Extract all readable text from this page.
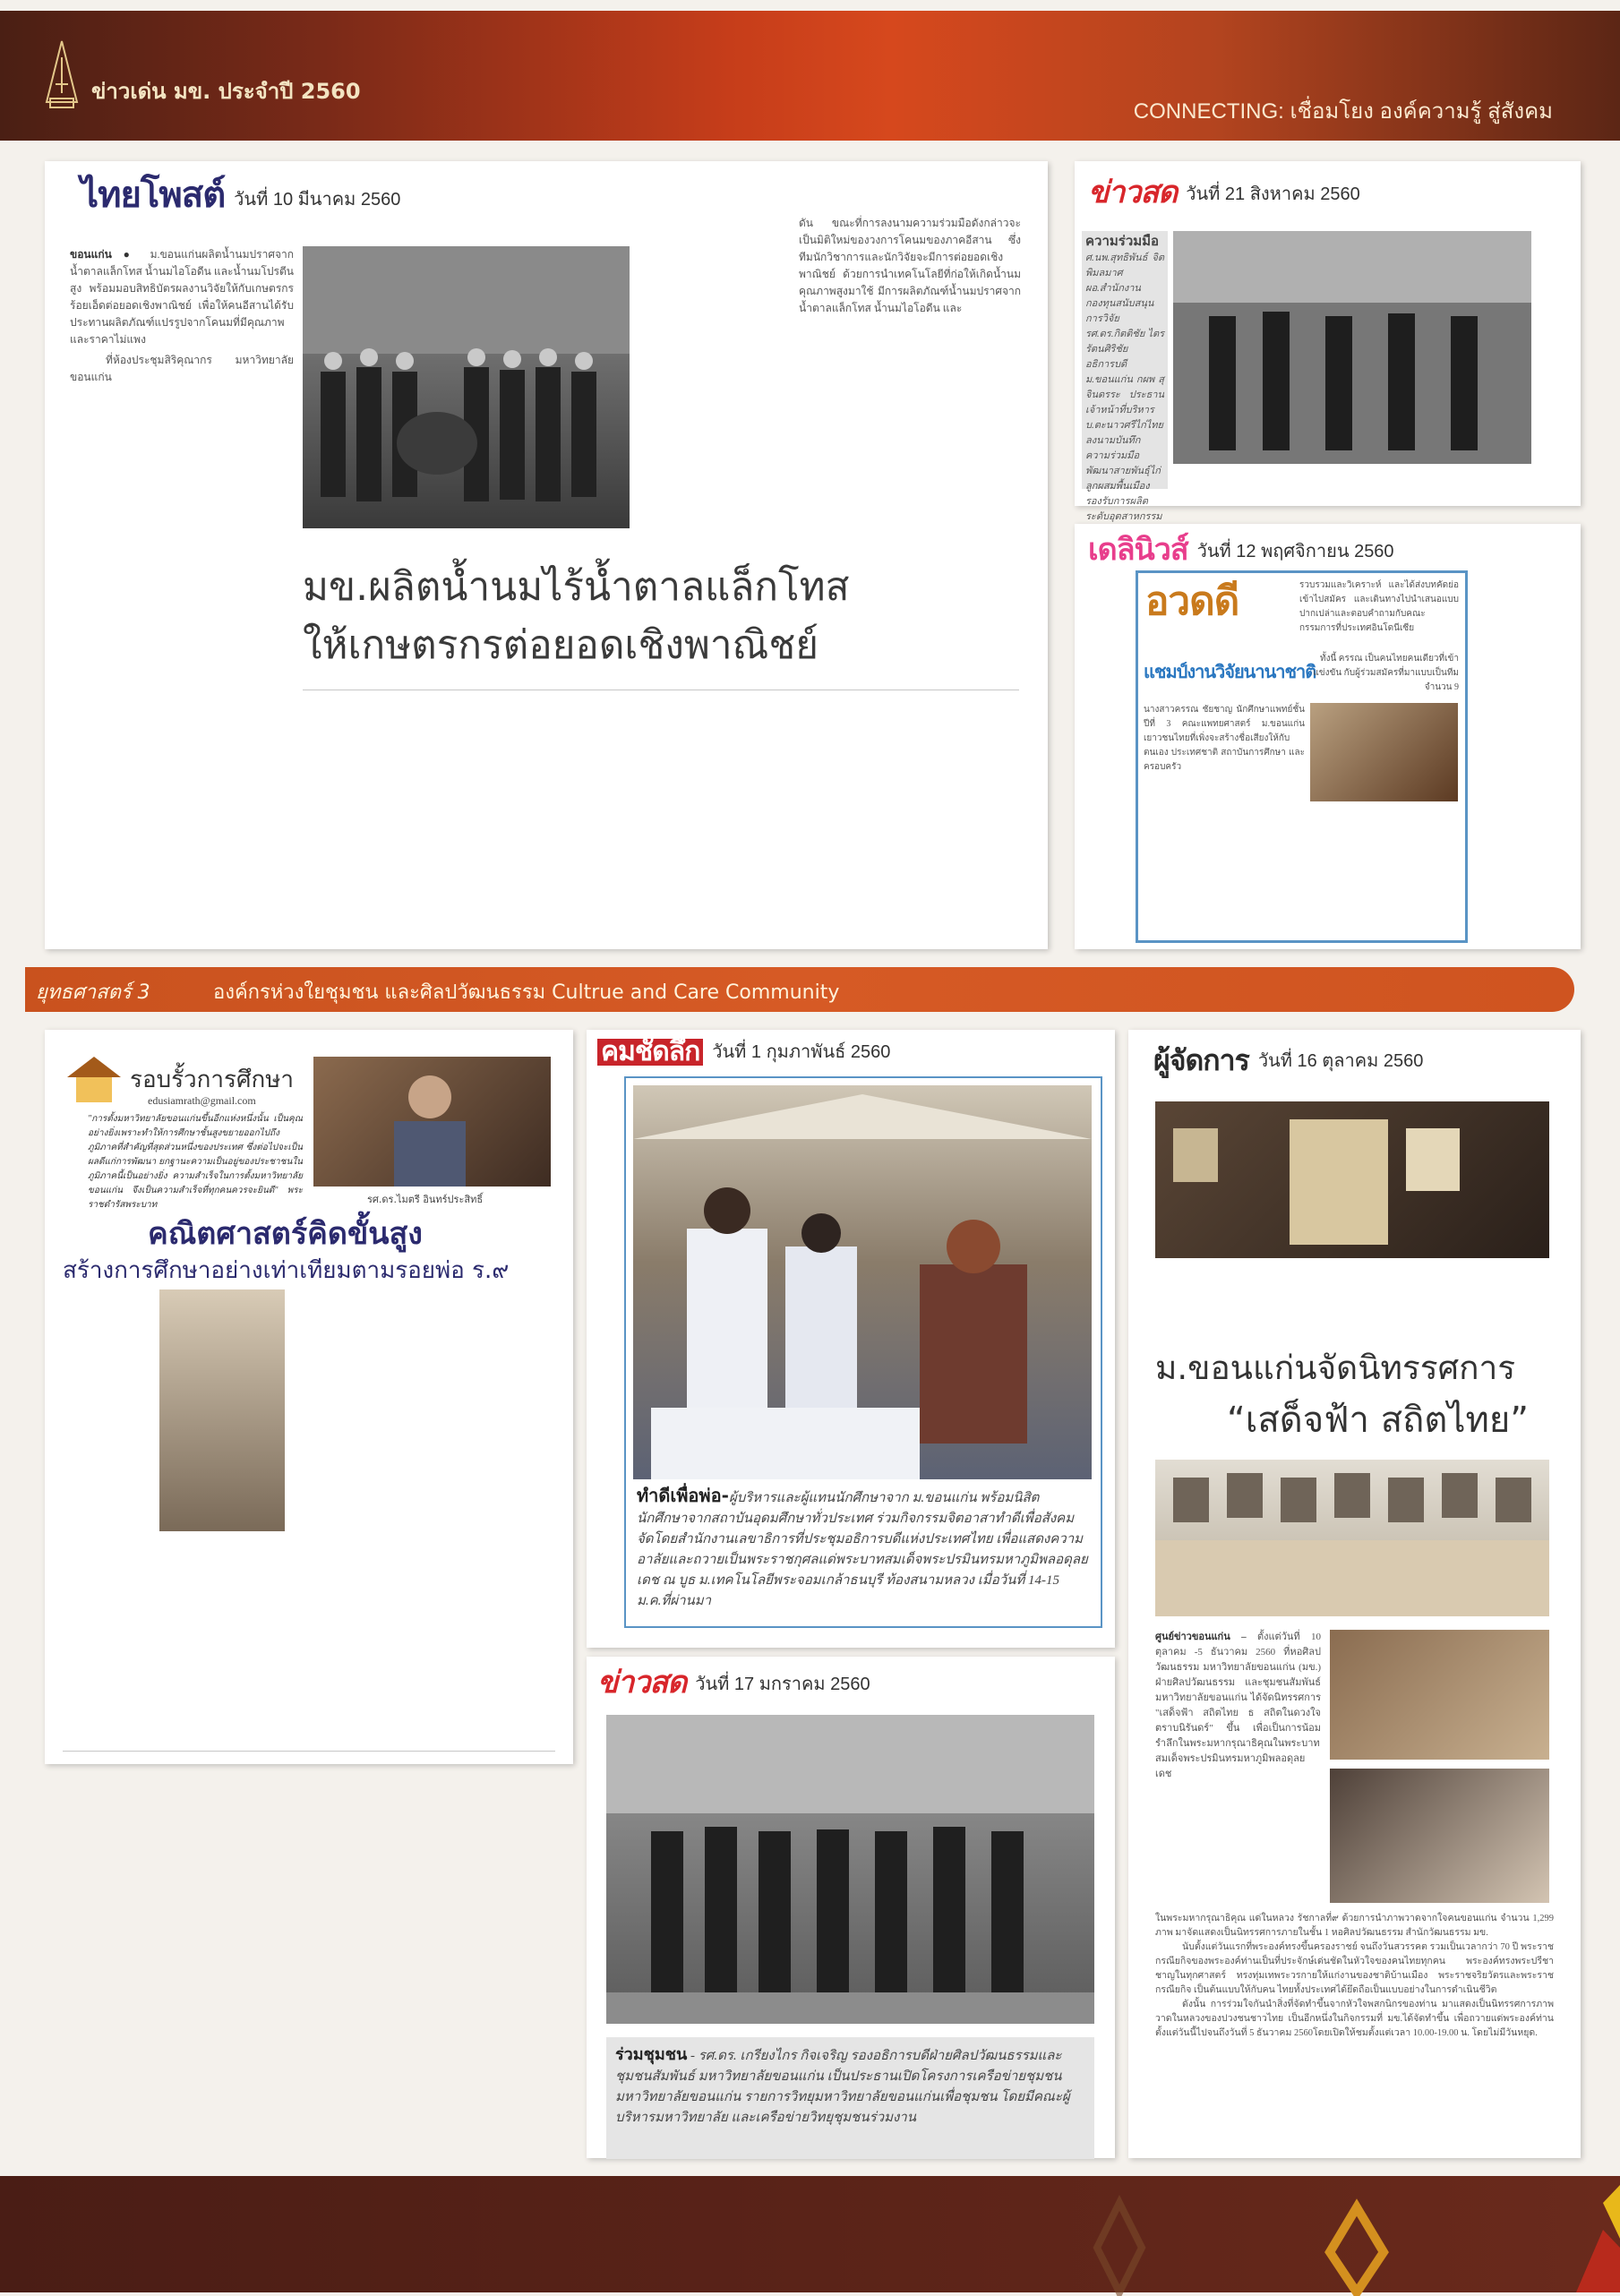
ข่าวเด่น มข. ประจำปี 2560
CONNECTING: เชื่อมโยง องค์ความรู้ สู่สังคม
ไทยโพสต์ วันที่ 10 มีนาคม 2560
ขอนแก่น ● ม.ขอนแก่นผลิตน้ำนมปราศจากน้ำตาลแล็กโทส น้ำนมไอโอดีน และน้ำนมโปรตีนสูง พร้อมมอบสิทธิบัตรผลงานวิจัยให้กับเกษตรกรร้อยเอ็ดต่อยอดเชิงพาณิชย์ เพื่อให้คนอีสานได้รับประทานผลิตภัณฑ์แปรรูปจากโคนมที่มีคุณภาพและราคาไม่แพง
ที่ห้องประชุมสิริคุณากร มหาวิทยาลัยขอนแก่น
มข.ผลิตน้ำนมไร้น้ำตาลแล็กโทส
ให้เกษตรกรต่อยอดเชิงพาณิชย์
ดัน ขณะที่การลงนามความร่วมมือดังกล่าวจะเป็นมิติใหม่ของวงการโคนมของภาคอีสาน ซึ่งทีมนักวิชาการและนักวิจัยจะมีการต่อยอดเชิงพาณิชย์ ด้วยการนำเทคโนโลยีที่ก่อให้เกิดน้ำนมคุณภาพสูงมาใช้ มีการผลิตภัณฑ์น้ำนมปราศจากน้ำตาลแล็กโทส น้ำนมไอโอดีน และ
ข่าวสด วันที่ 21 สิงหาคม 2560
ความร่วมมือ ศ.นพ.สุทธิพันธ์ จิตพิมลมาศ ผอ.สำนักงานกองทุนสนับสนุนการวิจัย รศ.ดร.กิตติชัย ไตรรัตนศิริชัย อธิการบดี ม.ขอนแก่น กผพ สุจินดรระ ประธานเจ้าหน้าที่บริหาร บ.ตะนาวศรีไก่ไทย ลงนามบันทึกความร่วมมือพัฒนาสายพันธุ์ไก่ลูกผสมพื้นเมืองรองรับการผลิตระดับอุตสาหกรรม
เดลินิวส์ วันที่ 12 พฤศจิกายน 2560
อวดดี	รวบรวมและวิเคราะห์ และได้ส่งบทคัดย่อเข้าไปสมัคร และเดินทางไปนำเสนอแบบปากเปล่าและตอบคำถามกับคณะกรรมการที่ประเทศอินโดนีเซีย
แชมป์งานวิจัยนานาชาติ
ทั้งนี้ ครรณ เป็นคนไทยคนเดียวที่เข้าแข่งขัน กับผู้ร่วมสมัครที่มาแบบเป็นทีมจำนวน 9
นางสาวครรณ ชัยชาญ นักศึกษาแพทย์ชั้นปีที่ 3 คณะแพทยศาสตร์ ม.ขอนแก่น เยาวชนไทยที่เพิ่งจะสร้างชื่อเสียงให้กับตนเอง ประเทศชาติ สถาบันการศึกษา และครอบครัว
ยุทธศาสตร์ 3	องค์กรห่วงใยชุมชน และศิลปวัฒนธรรม Cultrue and Care Community
รอบรั้วการศึกษา
edusiamrath@gmail.com
"การตั้งมหาวิทยาลัยขอนแก่นขึ้นอีกแห่งหนึ่งนั้น เป็นคุณอย่างยิ่งเพราะทำให้การศึกษาชั้นสูงขยายออกไปถึงภูมิภาคที่สำคัญที่สุดส่วนหนึ่งของประเทศ ซึ่งต่อไปจะเป็นผลดีแก่การพัฒนา ยกฐานะความเป็นอยู่ของประชาชนในภูมิภาคนี้เป็นอย่างยิ่ง ความสำเร็จในการตั้งมหาวิทยาลัยขอนแก่น จึงเป็นความสำเร็จที่ทุกคนควรจะยินดี" พระราชดำรัสพระบาท	รศ.ดร.ไมตรี อินทร์ประสิทธิ์
คณิตศาสตร์คิดขั้นสูง
สร้างการศึกษาอย่างเท่าเทียมตามรอยพ่อ ร.๙
คมชัดลึก วันที่ 1 กุมภาพันธ์ 2560
ทำดีเพื่อพ่อ-ผู้บริหารและผู้แทนนักศึกษาจาก ม.ขอนแก่น พร้อมนิสิตนักศึกษาจากสถาบันอุดมศึกษาทั่วประเทศ ร่วมกิจกรรมจิตอาสาทำดีเพื่อสังคม จัดโดยสำนักงานเลขาธิการที่ประชุมอธิการบดีแห่งประเทศไทย เพื่อแสดงความอาลัยและถวายเป็นพระราชกุศลแด่พระบาทสมเด็จพระปรมินทรมหาภูมิพลอดุลยเดช ณ บูธ ม.เทคโนโลยีพระจอมเกล้าธนบุรี ท้องสนามหลวง เมื่อวันที่ 14-15 ม.ค.ที่ผ่านมา
ข่าวสด วันที่ 17 มกราคม 2560
ร่วมชุมชน - รศ.ดร. เกรียงไกร กิจเจริญ รองอธิการบดีฝ่ายศิลปวัฒนธรรมและชุมชนสัมพันธ์ มหาวิทยาลัยขอนแก่น เป็นประธานเปิดโครงการเครือข่ายชุมชนมหาวิทยาลัยขอนแก่น รายการวิทยุมหาวิทยาลัยขอนแก่นเพื่อชุมชน โดยมีคณะผู้บริหารมหาวิทยาลัย และเครือข่ายวิทยุชุมชนร่วมงาน
ผู้จัดการ วันที่ 16 ตุลาคม 2560
ม.ขอนแก่นจัดนิทรรศการ
“เสด็จฟ้า สถิตไทย”
ศูนย์ข่าวขอนแก่น – ตั้งแต่วันที่ 10 ตุลาคม -5 ธันวาคม 2560 ที่หอศิลปวัฒนธรรม มหาวิทยาลัยขอนแก่น (มข.) ฝ่ายศิลปวัฒนธรรม และชุมชนสัมพันธ์ มหาวิทยาลัยขอนแก่น ได้จัดนิทรรศการ "เสด็จฟ้า สถิตไทย ธ สถิตในดวงใจตราบนิรันดร์" ขึ้น เพื่อเป็นการน้อมรำลึกในพระมหากรุณาธิคุณในพระบาทสมเด็จพระปรมินทรมหาภูมิพลอดุลยเดช
ในพระมหากรุณาธิคุณ แด่ในหลวง รัชกาลที่๙ ด้วยการนำภาพวาดจากใจคนขอนแก่น จำนวน 1,299 ภาพ มาจัดแสดงเป็นนิทรรศการภายในชั้น 1 หอศิลปวัฒนธรรม สำนักวัฒนธรรม มข.
นับตั้งแต่วันแรกที่พระองค์ทรงขึ้นครองราชย์ จนถึงวันสวรรคต รวมเป็นเวลากว่า 70 ปี พระราชกรณียกิจของพระองค์ท่านเป็นที่ประจักษ์เด่นชัดในหัวใจของคนไทยทุกคน พระองค์ทรงพระปรีชาชาญในทุกศาสตร์ ทรงทุ่มเทพระวรกายให้แก่งานของชาติบ้านเมือง พระราชจริยวัตรและพระราชกรณียกิจ เป็นต้นแบบให้กับคน ไทยทั้งประเทศได้ยึดถือเป็นแบบอย่างในการดำเนินชีวิต
ดังนั้น การร่วมใจกันนำสิ่งที่จัดทำขึ้นจากหัวใจพสกนิกรของท่าน มาแสดงเป็นนิทรรศการภาพวาดในหลวงของปวงชนชาวไทย เป็นอีกหนึ่งในกิจกรรมที่ มข.ได้จัดทำขึ้น เพื่อถวายแด่พระองค์ท่านตั้งแต่วันนี้ไปจนถึงวันที่ 5 ธันวาคม 2560โดยเปิดให้ชมตั้งแต่เวลา 10.00-19.00 น. โดยไม่มีวันหยุด.
